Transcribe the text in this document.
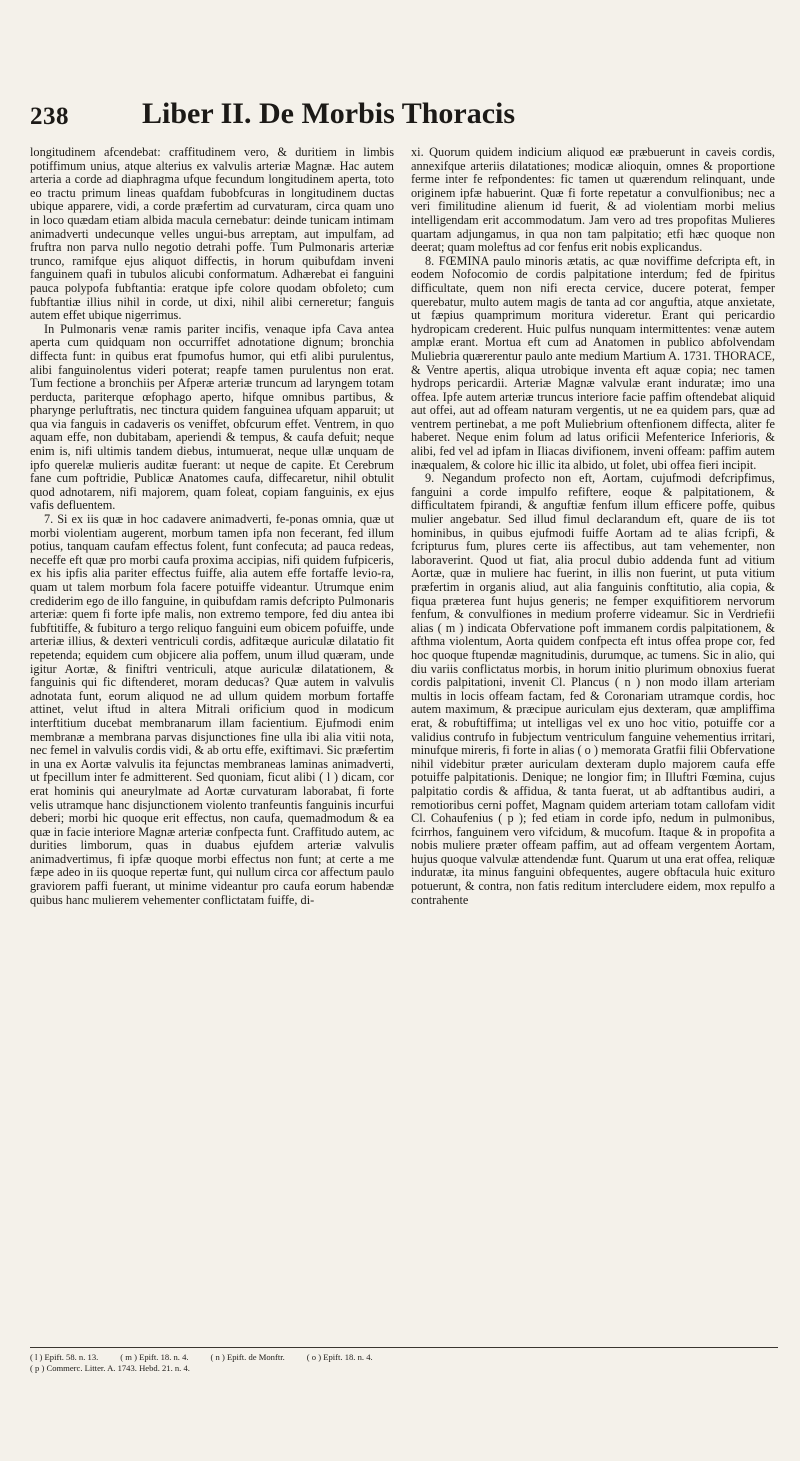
238 Liber II. De Morbis Thoracis

longitudinem afcendebat: craffitudinem vero, & duritiem in limbis potiffimum unius, atque alterius ex valvulis arteriæ Magnæ. Hac autem arteria a corde ad diaphragma ufque fecundum longitudinem aperta, toto eo tractu primum lineas quafdam fubobfcuras in longitudinem ductas ubique apparere, vidi, a corde præfertim ad curvaturam, circa quam uno in loco quædam etiam albida macula cernebatur: deinde tunicam intimam animadverti undecunque velles ungui-bus arreptam, aut impulfam, ad fruftra non parva nullo negotio detrahi poffe. Tum Pulmonaris arteriæ trunco, ramifque ejus aliquot diffectis, in horum quibufdam inveni fanguinem quafi in tubulos alicubi conformatum. Adhærebat ei fanguini pauca polypofa fubftantia: eratque ipfe colore quodam obfoleto; cum fubftantiæ illius nihil in corde, ut dixi, nihil alibi cerneretur; fanguis autem effet ubique nigerrimus.

In Pulmonaris venæ ramis pariter incifis, venaque ipfa Cava antea aperta cum quidquam non occurriffet adnotatione dignum; bronchia diffecta funt: in quibus erat fpumofus humor, qui etfi alibi purulentus, alibi fanguinolentus videri poterat; reapfe tamen purulentus non erat. Tum fectione a bronchiis per Afperæ arteriæ truncum ad laryngem totam perducta, pariterque œfophago aperto, hifque omnibus partibus, & pharynge perluftratis, nec tinctura quidem fanguinea ufquam apparuit; ut qua via fanguis in cadaveris os veniffet, obfcurum effet. Ventrem, in quo aquam effe, non dubitabam, aperiendi & tempus, & caufa defuit; neque enim is, nifi ultimis tandem diebus, intumuerat, neque ullæ unquam de ipfo querelæ mulieris auditæ fuerant: ut neque de capite. Et Cerebrum fane cum poftridie, Publicæ Anatomes caufa, diffecaretur, nihil obtulit quod adnotarem, nifi majorem, quam foleat, copiam fanguinis, ex ejus vafis defluentem.

7. Si ex iis quæ in hoc cadavere animadverti, fe-ponas omnia, quæ ut morbi violentiam augerent, morbum tamen ipfa non fecerant, fed illum potius, tanquam caufam effectus folent, funt confecuta; ad pauca redeas, neceffe eft quæ pro morbi caufa proxima accipias, nifi quidem fufpiceris, ex his ipfis alia pariter effectus fuiffe, alia autem effe fortaffe levio-ra, quam ut talem morbum fola facere potuiffe videantur. Utrumque enim crediderim ego de illo fanguine, in quibufdam ramis defcripto Pulmonaris arteriæ: quem fi forte ipfe malis, non extremo tempore, fed diu antea ibi fubftitiffe, & fubituro a tergo reliquo fanguini eum obicem pofuiffe, unde arteriæ illius, & dexteri ventriculi cordis, adfitæque auriculæ dilatatio fit repetenda; equidem cum objicere alia poffem, unum illud quæram, unde igitur Aortæ, & finiftri ventriculi, atque auriculæ dilatationem, & fanguinis qui fic diftenderet, moram deducas? Quæ autem in valvulis adnotata funt, eorum aliquod ne ad ullum quidem morbum fortaffe attinet, velut iftud in altera Mitrali orificium quod in modicum interftitium ducebat membranarum illam facientium. Ejufmodi enim membranæ a membrana parvas disjunctiones fine ulla ibi alia vitii nota, nec femel in valvulis cordis vidi, & ab ortu effe, exiftimavi. Sic præfertim in una ex Aortæ valvulis ita fejunctas membraneas laminas animadverti, ut fpecillum inter fe admitterent. Sed quoniam, ficut alibi ( l ) dicam, cor erat hominis qui aneurylmate ad Aortæ curvaturam laborabat, fi forte velis utramque hanc disjunctionem violento tranfeuntis fanguinis incurfui deberi; morbi hic quoque erit effectus, non caufa, quemadmodum & ea quæ in facie interiore Magnæ arteriæ confpecta funt. Craffitudo autem, ac durities limborum, quas in duabus ejufdem arteriæ valvulis animadvertimus, fi ipfæ quoque morbi effectus non funt; at certe a me fæpe adeo in iis quoque repertæ funt, qui nullum circa cor affectum paulo graviorem paffi fuerant, ut minime videantur pro caufa eorum habendæ quibus hanc mulierem vehementer conflictatam fuiffe, di-

xi. Quorum quidem indicium aliquod eæ præbuerunt in caveis cordis, annexifque arteriis dilatationes; modicæ alioquin, omnes & proportione ferme inter fe refpondentes: fic tamen ut quærendum relinquant, unde originem ipfæ habuerint. Quæ fi forte repetatur a convulfionibus; nec a veri fimilitudine alienum id fuerit, & ad violentiam morbi melius intelligendam erit accommodatum. Jam vero ad tres propofitas Mulieres quartam adjungamus, in qua non tam palpitatio; etfi hæc quoque non deerat; quam moleftus ad cor fenfus erit nobis explicandus.

8. FŒMINA paulo minoris ætatis, ac quæ noviffime defcripta eft, in eodem Nofocomio de cordis palpitatione interdum; fed de fpiritus difficultate, quem non nifi erecta cervice, ducere poterat, femper querebatur, multo autem magis de tanta ad cor anguftia, atque anxietate, ut fæpius quamprimum moritura videretur. Erant qui pericardio hydropicam crederent. Huic pulfus nunquam intermittentes: venæ autem amplæ erant. Mortua eft cum ad Anatomen in publico abfolvendam Muliebria quærerentur paulo ante medium Martium A. 1731. THORACE, & Ventre apertis, aliqua utrobique inventa eft aquæ copia; nec tamen hydrops pericardii. Arteriæ Magnæ valvulæ erant induratæ; imo una offea. Ipfe autem arteriæ truncus interiore facie paffim oftendebat aliquid aut offei, aut ad offeam naturam vergentis, ut ne ea quidem pars, quæ ad ventrem pertinebat, a me poft Muliebrium oftenfionem diffecta, aliter fe haberet. Neque enim folum ad latus orificii Mefenterice Inferioris, & alibi, fed vel ad ipfam in Iliacas divifionem, inveni offeam: paffim autem inæqualem, & colore hic illic ita albido, ut folet, ubi offea fieri incipit.

9. Negandum profecto non eft, Aortam, cujufmodi defcripfimus, fanguini a corde impulfo refiftere, eoque & palpitationem, & difficultatem fpirandi, & anguftiæ fenfum illum efficere poffe, quibus mulier angebatur. Sed illud fimul declarandum eft, quare de iis tot hominibus, in quibus ejufmodi fuiffe Aortam ad te alias fcripfi, & fcripturus fum, plures certe iis affectibus, aut tam vehementer, non laboraverint. Quod ut fiat, alia procul dubio addenda funt ad vitium Aortæ, quæ in muliere hac fuerint, in illis non fuerint, ut puta vitium præfertim in organis aliud, aut alia fanguinis conftitutio, alia copia, & fiqua præterea funt hujus generis; ne femper exquifitiorem nervorum fenfum, & convulfiones in medium proferre videamur. Sic in Verdriefii alias ( m ) indicata Obfervatione poft immanem cordis palpitationem, & afthma violentum, Aorta quidem confpecta eft intus offea prope cor, fed hoc quoque ftupendæ magnitudinis, durumque, ac tumens. Sic in alio, qui diu variis conflictatus morbis, in horum initio plurimum obnoxius fuerat cordis palpitationi, invenit Cl. Plancus ( n ) non modo illam arteriam multis in locis offeam factam, fed & Coronariam utramque cordis, hoc autem maximum, & præcipue auriculam ejus dexteram, quæ ampliffima erat, & robuftiffima; ut intelligas vel ex uno hoc vitio, potuiffe cor a validius contrufo in fubjectum ventriculum fanguine vehementius irritari, minufque mireris, fi forte in alias ( o ) memorata Gratfii filii Obfervatione nihil videbitur præter auriculam dexteram duplo majorem caufa effe potuiffe palpitationis. Denique; ne longior fim; in Illuftri Fœmina, cujus palpitatio cordis & affidua, & tanta fuerat, ut ab adftantibus audiri, a remotioribus cerni poffet, Magnam quidem arteriam totam callofam vidit Cl. Cohaufenius ( p ); fed etiam in corde ipfo, nedum in pulmonibus, fcirrhos, fanguinem vero vifcidum, & mucofum. Itaque & in propofita a nobis muliere præter offeam paffim, aut ad offeam vergentem Aortam, hujus quoque valvulæ attendendæ funt. Quarum ut una erat offea, reliquæ induratæ, ita minus fanguini obfequentes, augere obftacula huic exituro potuerunt, & contra, non fatis reditum intercludere eidem, mox repulfo a contrahente

( l ) Epift. 58. n. 13.	( m ) Epift. 18. n. 4.	( n ) Epift. de Monftr.	( o ) Epift. 18. n. 4.
( p ) Commerc. Litter. A. 1743. Hebd. 21. n. 4.
